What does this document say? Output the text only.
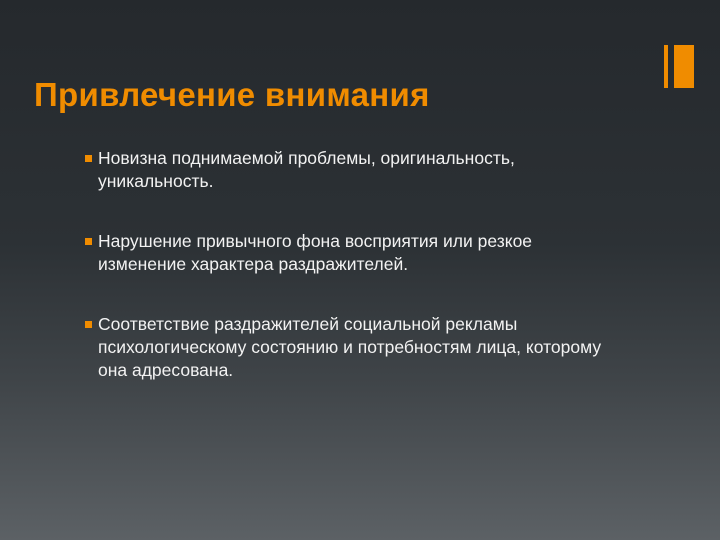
Привлечение внимания
Новизна поднимаемой проблемы, оригинальность, уникальность.
Нарушение привычного фона восприятия или резкое изменение характера раздражителей.
Соответствие раздражителей социальной рекламы психологическому состоянию и потребностям лица, которому она адресована.
